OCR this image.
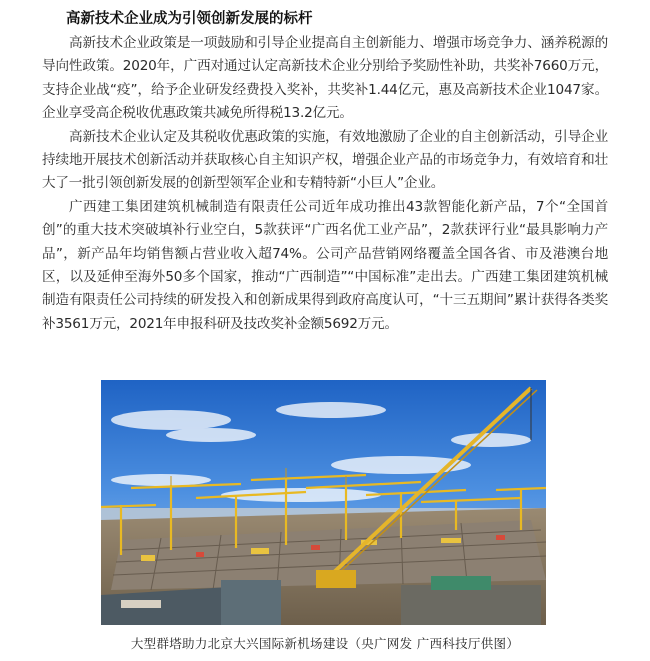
高新技术企业成为引领创新发展的标杆

高新技术企业政策是一项鼓励和引导企业提高自主创新能力、增强市场竞争力、涵养税源的导向性政策。2020年，广西对通过认定高新技术企业分别给予奖励性补助，共奖补7660万元，支持企业战“疫”，给予企业研发经费投入奖补，共奖补1.44亿元，惠及高新技术企业1047家。企业享受高企税收优惠政策共减免所得税13.2亿元。

高新技术企业认定及其税收优惠政策的实施，有效地激励了企业的自主创新活动，引导企业持续地开展技术创新活动并获取核心自主知识产权，增强企业产品的市场竞争力，有效培育和壮大了一批引领创新发展的创新型领军企业和专精特新“小巨人”企业。

广西建工集团建筑机械制造有限责任公司近年成功推出43款智能化新产品，7个“全国首创”的重大技术突破填补行业空白，5款获评“广西名优工业产品”，2款获评行业“最具影响力产品”，新产品年均销售额占营业收入超74%。公司产品营销网络覆盖全国各省、市及港澳台地区，以及延伸至海外50多个国家，推动“广西制造”“中国标准”走出去。广西建工集团建筑机械制造有限责任公司持续的研发投入和创新成果得到政府高度认可，“十三五期间”累计获得各类奖补3561万元，2021年申报科研及技改奖补金额5692万元。

大型群塔助力北京大兴国际新机场建设（央广网发 广西科技厅供图）
